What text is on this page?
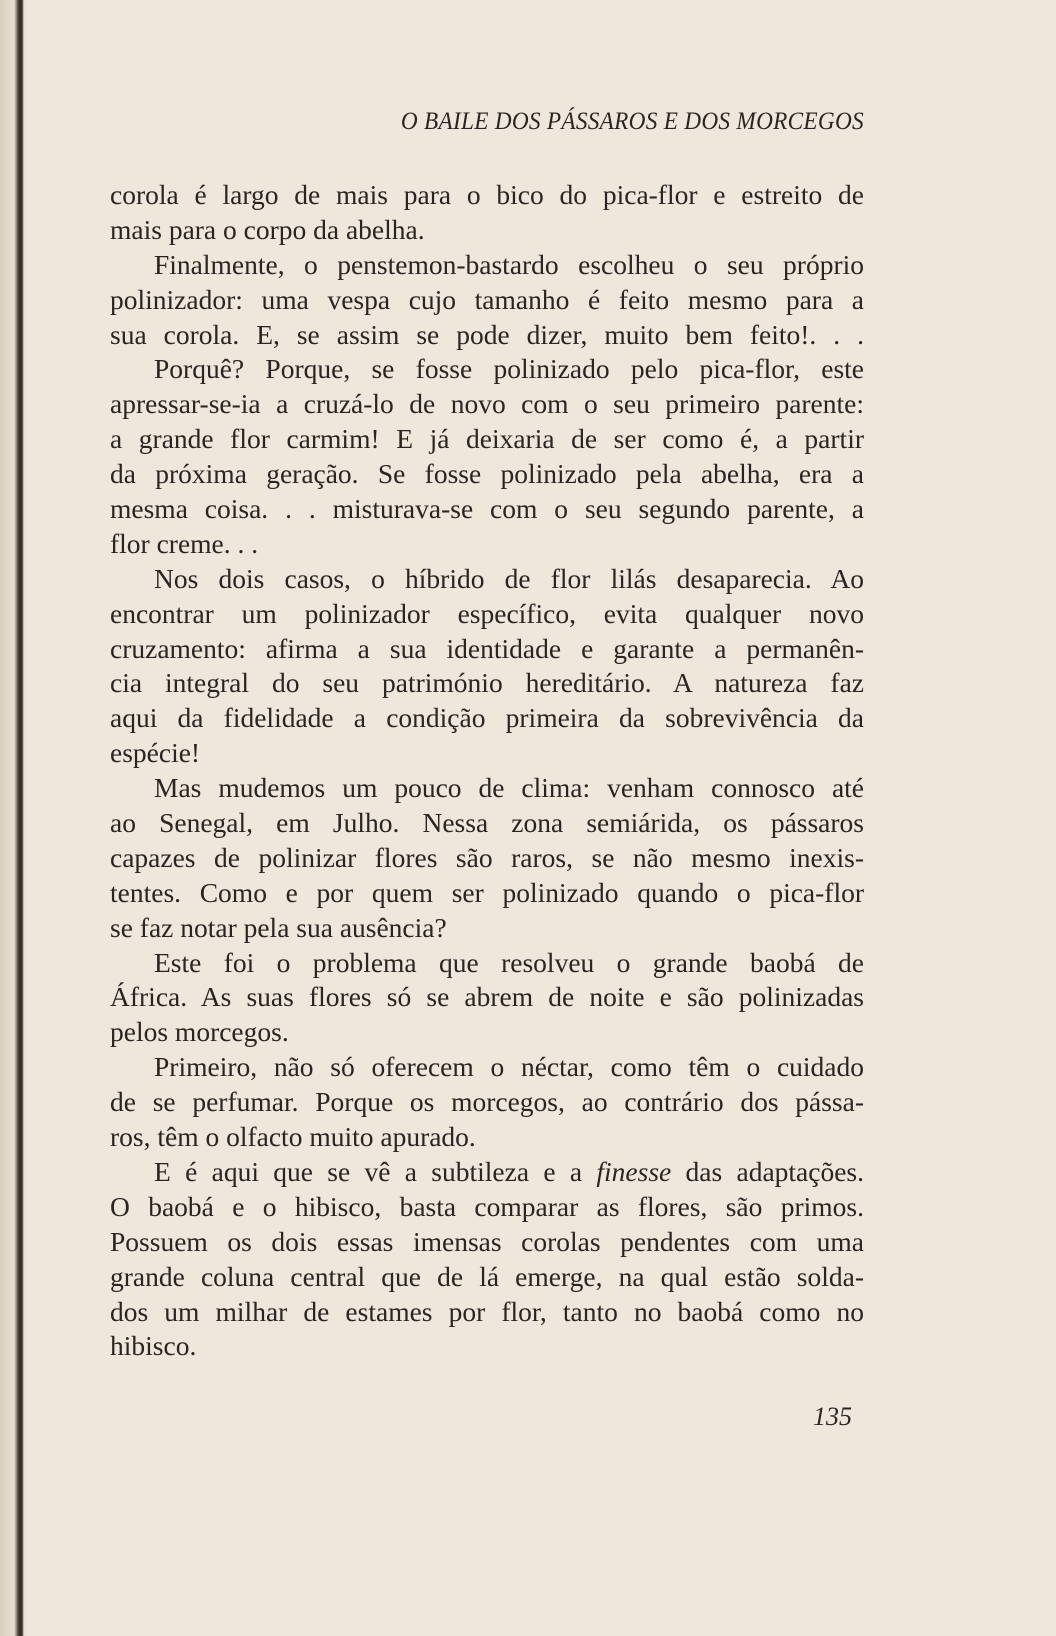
O BAILE DOS PÁSSAROS E DOS MORCEGOS
corola é largo de mais para o bico do pica-flor e estreito de
mais para o corpo da abelha.
Finalmente, o penstemon-bastardo escolheu o seu próprio
polinizador: uma vespa cujo tamanho é feito mesmo para a
sua corola. E, se assim se pode dizer, muito bem feito!. . .
Porquê? Porque, se fosse polinizado pelo pica-flor, este
apressar-se-ia a cruzá-lo de novo com o seu primeiro parente:
a grande flor carmim! E já deixaria de ser como é, a partir
da próxima geração. Se fosse polinizado pela abelha, era a
mesma coisa. . . misturava-se com o seu segundo parente, a
flor creme. . .
Nos dois casos, o híbrido de flor lilás desaparecia. Ao
encontrar um polinizador específico, evita qualquer novo
cruzamento: afirma a sua identidade e garante a permanên-
cia integral do seu património hereditário. A natureza faz
aqui da fidelidade a condição primeira da sobrevivência da
espécie!
Mas mudemos um pouco de clima: venham connosco até
ao Senegal, em Julho. Nessa zona semiárida, os pássaros
capazes de polinizar flores são raros, se não mesmo inexis-
tentes. Como e por quem ser polinizado quando o pica-flor
se faz notar pela sua ausência?
Este foi o problema que resolveu o grande baobá de
África. As suas flores só se abrem de noite e são polinizadas
pelos morcegos.
Primeiro, não só oferecem o néctar, como têm o cuidado
de se perfumar. Porque os morcegos, ao contrário dos pássa-
ros, têm o olfacto muito apurado.
E é aqui que se vê a subtileza e a finesse das adaptações.
O baobá e o hibisco, basta comparar as flores, são primos.
Possuem os dois essas imensas corolas pendentes com uma
grande coluna central que de lá emerge, na qual estão solda-
dos um milhar de estames por flor, tanto no baobá como no
hibisco.
135
